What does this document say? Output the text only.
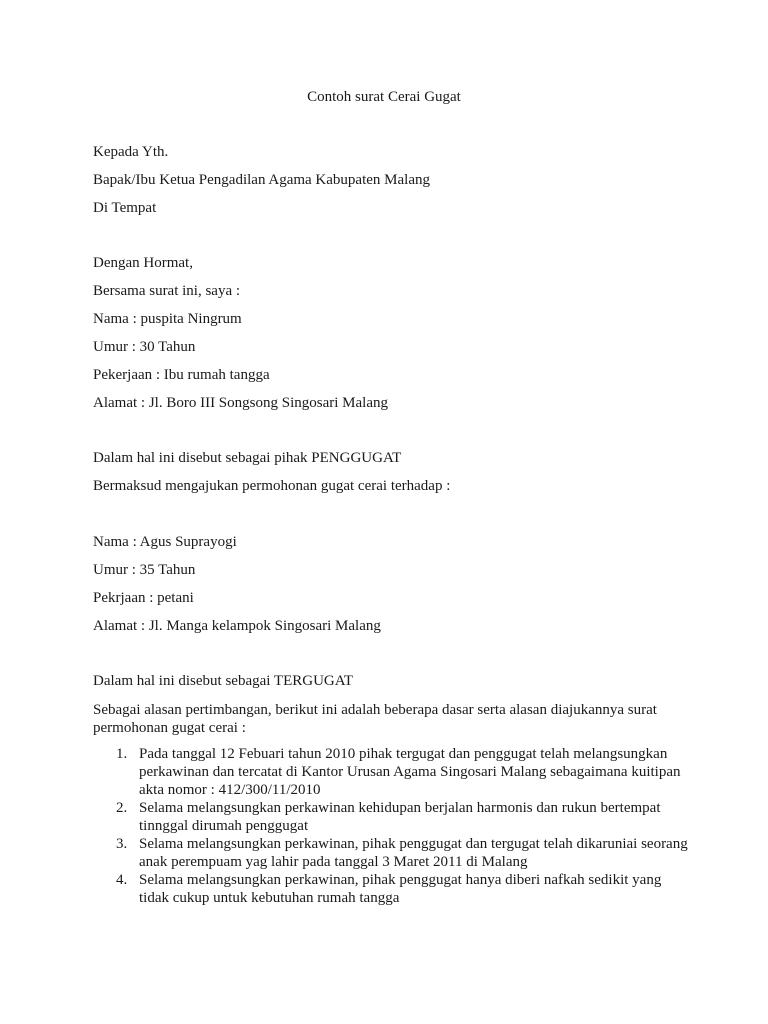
Contoh surat Cerai Gugat
Kepada Yth.
Bapak/Ibu Ketua Pengadilan Agama Kabupaten Malang
Di Tempat
Dengan Hormat,
Bersama surat ini, saya :
Nama : puspita Ningrum
Umur : 30 Tahun
Pekerjaan : Ibu rumah tangga
Alamat : Jl. Boro III Songsong Singosari Malang
Dalam hal ini disebut sebagai pihak PENGGUGAT
Bermaksud mengajukan permohonan gugat cerai terhadap :
Nama : Agus Suprayogi
Umur : 35 Tahun
Pekrjaan : petani
Alamat : Jl. Manga kelampok Singosari Malang
Dalam hal ini disebut sebagai TERGUGAT
Sebagai alasan pertimbangan, berikut ini adalah beberapa dasar serta alasan diajukannya surat permohonan gugat cerai :
1. Pada tanggal 12 Febuari tahun 2010 pihak tergugat dan penggugat telah melangsungkan perkawinan dan tercatat di Kantor Urusan Agama Singosari Malang sebagaimana kuitipan akta nomor : 412/300/11/2010
2. Selama melangsungkan perkawinan kehidupan berjalan harmonis dan rukun bertempat tinnggal dirumah penggugat
3. Selama melangsungkan perkawinan, pihak penggugat dan tergugat telah dikaruniai seorang anak perempuam yag lahir pada tanggal 3 Maret 2011 di Malang
4. Selama melangsungkan perkawinan, pihak penggugat hanya diberi nafkah sedikit yang tidak cukup untuk kebutuhan rumah tangga
